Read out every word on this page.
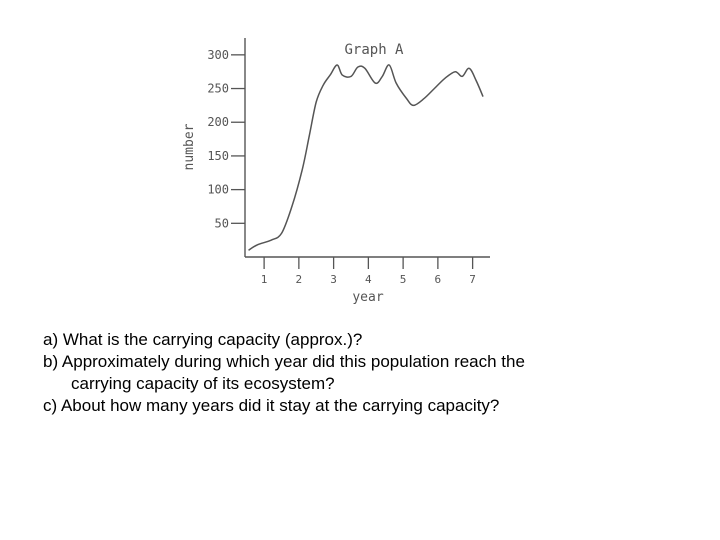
Graph A
50
100
150
200
250
300
1	2	3	4	5	6	7
number
year

a) What is the carrying capacity (approx.)?

b) Approximately during which year did this population reach the

carrying capacity of its ecosystem?

c) About how many years did it stay at the carrying capacity?
